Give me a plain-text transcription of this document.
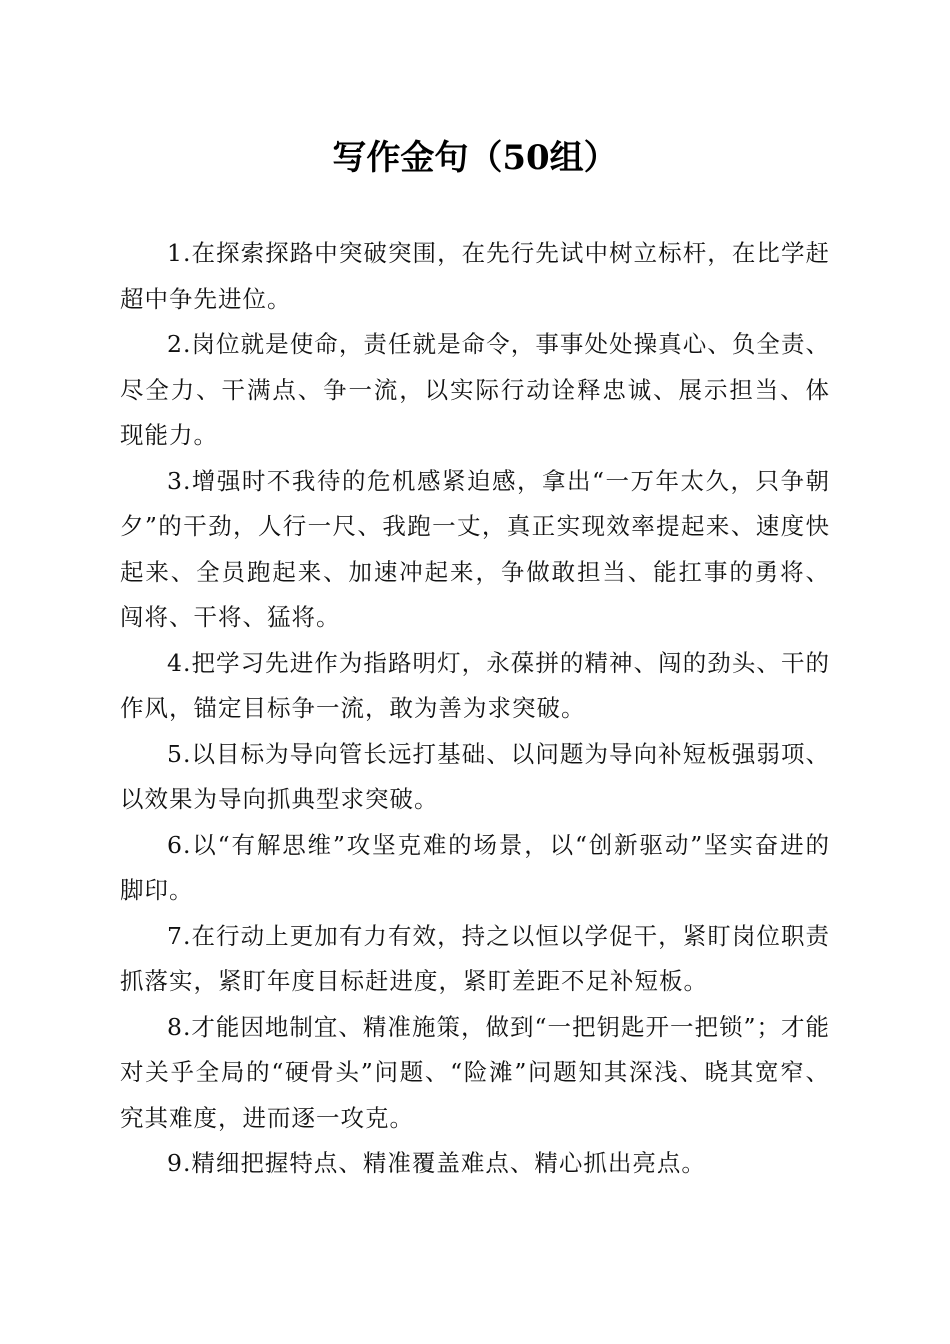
写作金句（50组）

1.在探索探路中突破突围，在先行先试中树立标杆，在比学赶超中争先进位。

2.岗位就是使命，责任就是命令，事事处处操真心、负全责、尽全力、干满点、争一流，以实际行动诠释忠诚、展示担当、体现能力。

3.增强时不我待的危机感紧迫感，拿出“一万年太久，只争朝夕”的干劲，人行一尺、我跑一丈，真正实现效率提起来、速度快起来、全员跑起来、加速冲起来，争做敢担当、能扛事的勇将、闯将、干将、猛将。

4.把学习先进作为指路明灯，永葆拼的精神、闯的劲头、干的作风，锚定目标争一流，敢为善为求突破。

5.以目标为导向管长远打基础、以问题为导向补短板强弱项、以效果为导向抓典型求突破。

6.以“有解思维”攻坚克难的场景，以“创新驱动”坚实奋进的脚印。

7.在行动上更加有力有效，持之以恒以学促干，紧盯岗位职责抓落实，紧盯年度目标赶进度，紧盯差距不足补短板。

8.才能因地制宜、精准施策，做到“一把钥匙开一把锁”；才能对关乎全局的“硬骨头”问题、“险滩”问题知其深浅、晓其宽窄、究其难度，进而逐一攻克。

9.精细把握特点、精准覆盖难点、精心抓出亮点。
